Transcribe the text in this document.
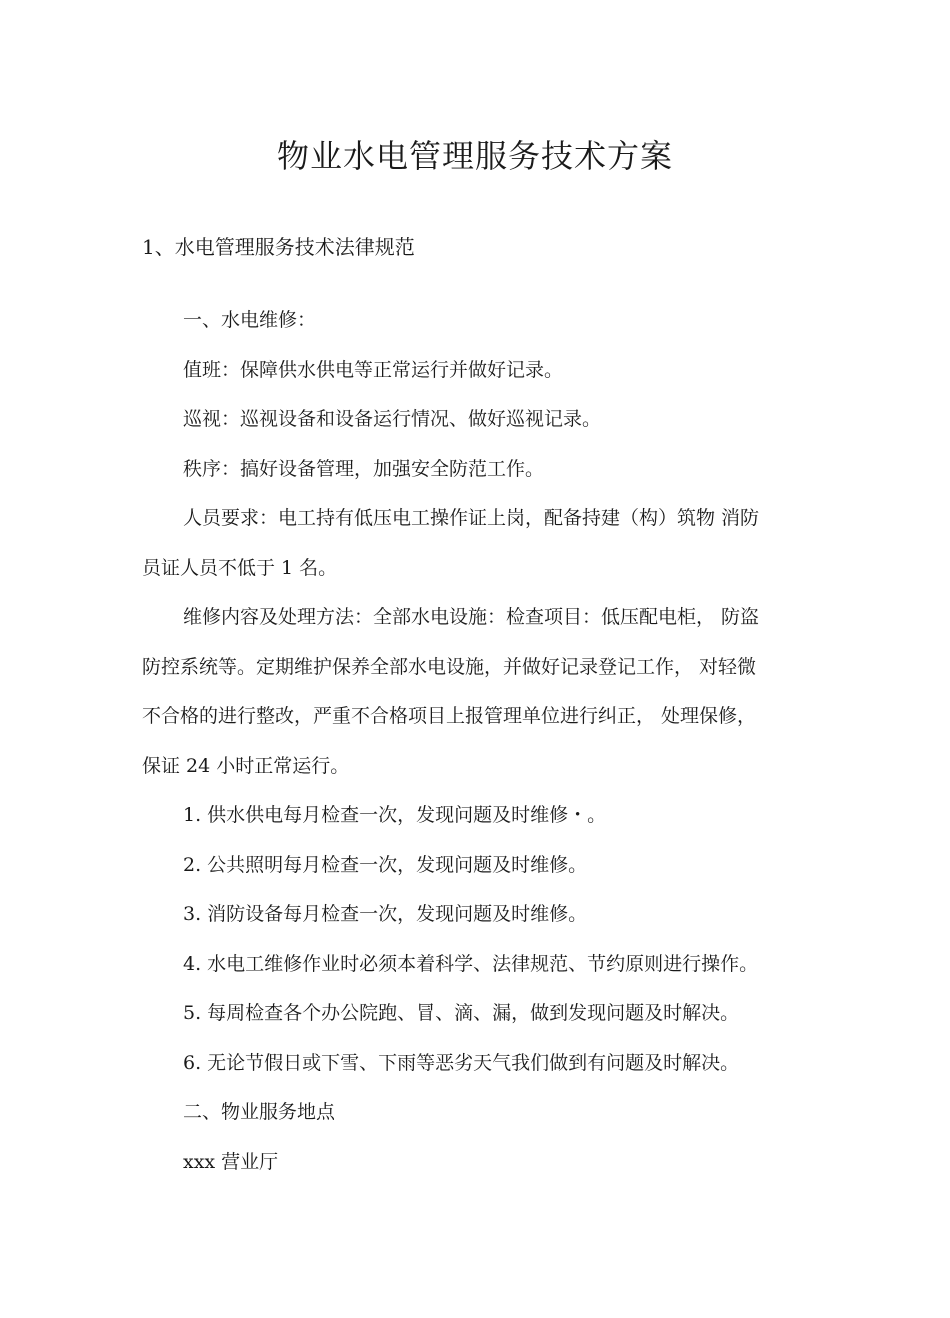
物业水电管理服务技术方案
1、水电管理服务技术法律规范

一、水电维修：

值班：保障供水供电等正常运行并做好记录。

巡视：巡视设备和设备运行情况、做好巡视记录。

秩序：搞好设备管理，加强安全防范工作。

人员要求：电工持有低压电工操作证上岗，配备持建（构）筑物 消防
员证人员不低于 1 名。

维修内容及处理方法：全部水电设施：检查项目：低压配电柜， 防盗
防控系统等。定期维护保养全部水电设施，并做好记录登记工作， 对轻微
不合格的进行整改，严重不合格项目上报管理单位进行纠正， 处理保修，
保证 24 小时正常运行。

1. 供水供电每月检查一次，发现问题及时维修・。

2. 公共照明每月检查一次，发现问题及时维修。

3. 消防设备每月检查一次，发现问题及时维修。

4. 水电工维修作业时必须本着科学、法律规范、节约原则进行操作。

5. 每周检查各个办公院跑、冒、滴、漏，做到发现问题及时解决。

6. 无论节假日或下雪、下雨等恶劣天气我们做到有问题及时解决。

二、物业服务地点

xxx 营业厅
